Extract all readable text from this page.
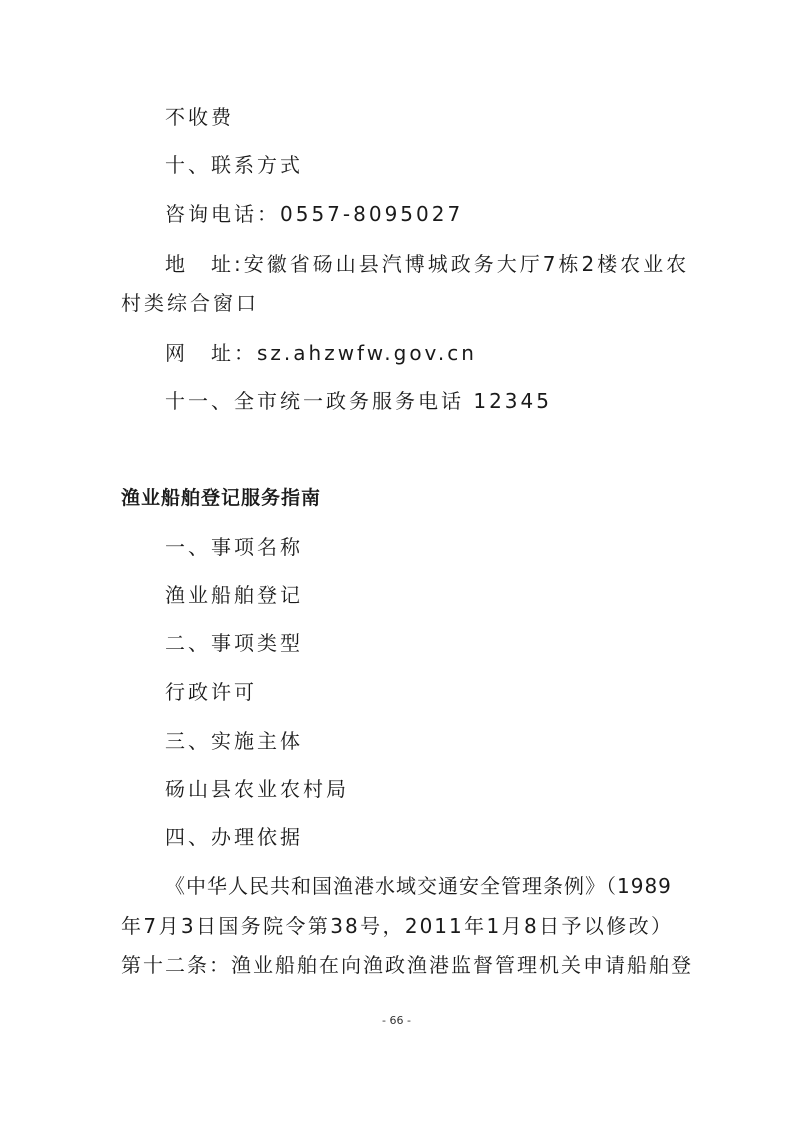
不收费
十、联系方式
咨询电话：0557-8095027
地　址:安徽省砀山县汽博城政务大厅7栋2楼农业农
村类综合窗口
网　址：sz.ahzwfw.gov.cn
十一、全市统一政务服务电话 12345
渔业船舶登记服务指南
一、事项名称
渔业船舶登记
二、事项类型
行政许可
三、实施主体
砀山县农业农村局
四、办理依据
《中华人民共和国渔港水域交通安全管理条例》（1989
年7月3日国务院令第38号，2011年1月8日予以修改）
第十二条：渔业船舶在向渔政渔港监督管理机关申请船舶登
- 66 -
